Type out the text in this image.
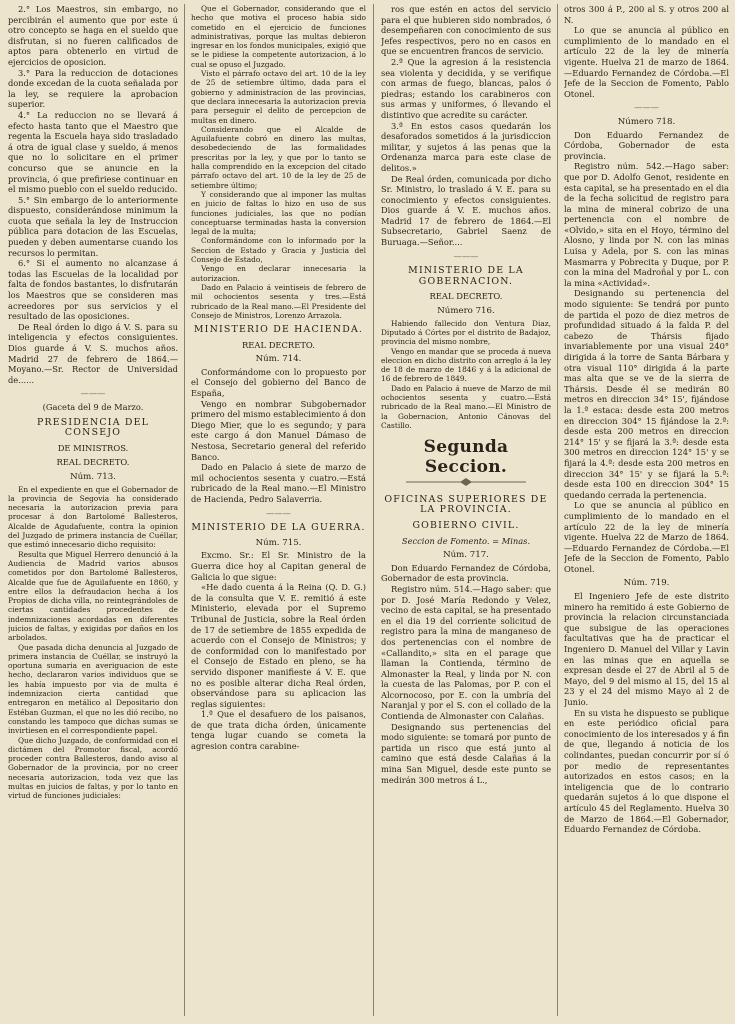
2.° Los Maestros, sin embargo, no percibirán el aumento que por este ú otro concepto se haga en el sueldo que disfrutan, si no fueren calificados de aptos para obtenerlo en virtud de ejercicios de oposicion.

3.° Para la reduccion de dotaciones donde excedan de la cuota señalada por la ley, se requiere la aprobacion superior.

4.° La reduccion no se llevará á efecto hasta tanto que el Maestro que regenta la Escuela haya sido trasladado á otra de igual clase y sueldo, á menos que no lo solicitare en el primer concurso que se anuncie en la provincia, ó que prefiriese continuar en el mismo pueblo con el sueldo reducido.

5.° Sin embargo de lo anteriormente dispuesto, considerándose minimum la cuota que señala la ley de Instruccion pública para dotacion de las Escuelas, pueden y deben aumentarse cuando los recursos lo permitan.

6.° Si el aumento no alcanzase á todas las Escuelas de la localidad por falta de fondos bastantes, lo disfrutarán los Maestros que se consideren mas acreedores por sus servicios y el resultado de las oposiciones.

De Real órden lo digo á V. S. para su inteligencia y efectos consiguientes. Dios guarde á V. S. muchos años. Madrid 27 de febrero de 1864.—Moyano.—Sr. Rector de Universidad de......

———

(Gaceta del 9 de Marzo.

PRESIDENCIA DEL CONSEJO

DE MINISTROS.

REAL DECRETO.

Núm. 713.

En el expediente en que el Gobernador de la provincia de Segovia ha considerado necesaria la autorizacion previa para procesar á don Bartolomé Ballesteros, Alcalde de Agudafuente, contra la opinion del Juzgado de primera instancia de Cuéllar, que estimó innecesario dicho requisito:

Resulta que Miguel Herrero denunció á la Audiencia de Madrid varios abusos cometidos por don Bartolomé Ballesteros, Alcalde que fue de Aguilafuente en 1860, y entre ellos la defraudacion hecha á los Propios de dicha villa, no reintegrándoles de ciertas cantidades procedentes de indemnizaciones acordadas en diferentes juicios de faltas, y exigidas por daños en los arbolados.

Que pasada dicha denuncia al Juzgado de primera instancia de Cuéllar, se instruyó la oportuna sumaria en averiguacion de este hecho, declararon varios individuos que se les había impuesto por via de multa é indemnizacion cierta cantidad que entregaron en metálico al Depositario don Estéban Guzman, el que no les dió recibo, no constando les tampoco que dichas sumas se invirtiesen en el correspondiente papel.

Que dicho Juzgado, de conformidad con el dictámen del Promotor fiscal, acordó proceder contra Ballesteros, dando aviso al Gobernador de la provincia, por no creer necesaria autorizacion, toda vez que las multas en juicios de faltas, y por lo tanto en virtud de funciones judiciales:

Que el Gobernador, considerando que el hecho que motiva el proceso habia sido cometido en el ejercicio de funciones administrativas, porque las multas debieron ingresar en los fondos municipales, exigió que se le pidiese la competente autorizacion, á lo cual se opuso el Juzgado.

Visto el párrafo octavo del art. 10 de la ley de 25 de setiembre último, dada para el gobierno y administracion de las provincias, que declara innecesaria la autorizacion previa para perseguir el delito de percepcion de multas en dinero.

Considerando que el Alcalde de Aguilafuente cobró en dinero las multas, desobedeciendo de las formalidades prescritas por la ley, y que por lo tanto se halla comprendido en la excepcion del citado párrafo octavo del art. 10 de la ley de 25 de setiembre último;

Y considerando que al imponer las multas en juicio de faltas lo hizo en uso de sus funciones judiciales, las que no podían conceptuarse terminadas hasta la conversion legal de la multa;

Conformándome con lo informado por la Seccion de Estado y Gracia y Justicia del Consejo de Estado,

Vengo en declarar innecesaria la autorizacion.

Dado en Palacio á veintiseis de febrero de mil ochocientos sesenta y tres.—Está rubricado de la Real mano.—El Presidente del Consejo de Ministros, Lorenzo Arrazola.

MINISTERIO DE HACIENDA.

REAL DECRETO.

Núm. 714.

Conformándome con lo propuesto por el Consejo del gobierno del Banco de España,

Vengo en nombrar Subgobernador primero del mismo establecimiento á don Diego Mier, que lo es segundo; y para este cargo á don Manuel Dámaso de Nestosa, Secretario general del referido Banco.

Dado en Palacio á siete de marzo de mil ochocientos sesenta y cuatro.—Está rubricado de la Real mano.—El Ministro de Hacienda, Pedro Salaverria.

———

MINISTERIO DE LA GUERRA.

Núm. 715.

Excmo. Sr.: El Sr. Ministro de la Guerra dice hoy al Capitan general de Galicia lo que sigue:

«He dado cuenta á la Reina (Q. D. G.) de la consulta que V. E. remitió á este Ministerio, elevada por el Supremo Tribunal de Justicia, sobre la Real órden de 17 de setiembre de 1855 expedida de acuerdo con el Consejo de Ministros; y de conformidad con lo manifestado por el Consejo de Estado en pleno, se ha servido disponer manifieste á V. E. que no es posible alterar dicha Real órden, observándose para su aplicacion las reglas siguientes:

1.ª Que el desafuero de los paisanos, de que trata dicha órden, únicamente tenga lugar cuando se cometa la agresion contra carabine-

ros que estén en actos del servicio para el que hubieren sido nombrados, ó desempeñaren con conocimiento de sus Jefes respectivos, pero no en casos en que se encuentren francos de servicio.

2.ª Que la agresion á la resistencia sea violenta y decidida, y se verifique con armas de fuego, blancas, palos ó piedras; estando los carabineros con sus armas y uniformes, ó llevando el distintivo que acredite su carácter.

3.ª En estos casos quedarán los desaforados sometidos á la jurisdiccion militar, y sujetos á las penas que la Ordenanza marca para este clase de delitos.»

De Real órden, comunicada por dicho Sr. Ministro, lo traslado á V. E. para su conocimiento y efectos consiguientes. Dios guarde á V. E. muchos años. Madrid 17 de febrero de 1864.—El Subsecretario, Gabriel Saenz de Buruaga.—Señor....

———

MINISTERIO DE LA GOBERNACION.

REAL DECRETO.

Número 716.

Habiendo fallecido don Ventura Diaz, Diputado á Córtes por el distrito de Badajoz, provincia del mismo nombre,

Vengo en mandar que se proceda á nueva eleccion en dicho distrito con arreglo á la ley de 18 de marzo de 1846 y á la adicional de 16 de febrero de 1849.

Dado en Palacio á nueve de Marzo de mil ochocientos sesenta y cuatro.—Está rubricado de la Real mano.—El Ministro de la Gobernacion, Antonio Cánovas del Castillo.

Segunda Seccion.

OFICINAS SUPERIORES DE LA PROVINCIA.

GOBIERNO CIVIL.

Seccion de Fomento. = Minas.

Núm. 717.

Don Eduardo Fernandez de Córdoba, Gobernador de esta provincia.

Registro núm. 514.—Hago saber: que por D. José María Redondo y Velez, vecino de esta capital, se ha presentado en el dia 19 del corriente solicitud de registro para la mina de manganeso de dos pertenencias con el nombre de «Callandito,» sita en el parage que llaman la Contienda, término de Almonaster la Real, y linda por N. con la cuesta de las Palomas, por P. con el Alcornocoso, por E. con la umbría del Naranjal y por el S. con el collado de la Contienda de Almonaster con Calañas.

Designando sus pertenencias del modo siguiente: se tomará por punto de partida un risco que está junto al camino que está desde Calañas á la mina San Miguel, desde este punto se medirán 300 metros á L.,

otros 300 á P., 200 al S. y otros 200 al N.

Lo que se anuncia al público en cumplimiento de lo mandado en el artículo 22 de la ley de minería vigente. Huelva 21 de marzo de 1864.—Eduardo Fernandez de Córdoba.—El Jefe de la Seccion de Fomento, Pablo Otonel.

———

Número 718.

Don Eduardo Fernandez de Córdoba, Gobernador de esta provincia.

Registro núm. 542.—Hago saber: que por D. Adolfo Genot, residente en esta capital, se ha presentado en el dia de la fecha solicitud de registro para la mina de mineral cobrizo de una pertenencia con el nombre de «Olvido,» sita en el Hoyo, término del Alosno, y linda por N. con las minas Luisa y Adela, por S. con las minas Masmarra y Pobrecita y Duque, por P. con la mina del Madroñal y por L. con la mina «Actividad».

Designando su pertenencia del modo siguiente: Se tendrá por punto de partida el pozo de diez metros de profundidad situado á la falda P. del cabezo de Thársis fijado invariablemente por una visual 240° dirigida á la torre de Santa Bárbara y otra visual 110° dirigida á la parte mas alta que se ve de la sierra de Thársis. Desde él se medirán 80 metros en direccion 34° 15', fijándose la 1.ª estaca: desde esta 200 metros en direccion 304° 15 fijándose la 2.ª: desde esta 200 metros en direccion 214° 15' y se fijará la 3.ª: desde esta 300 metros en direccion 124° 15' y se fijará la 4.ª: desde esta 200 metros en direccion 34° 15' y se fijará la 5.ª: desde esta 100 en direccion 304° 15 quedando cerrada la pertenencia.

Lo que se anuncia al público en cumplimiento de lo mandado en el artículo 22 de la ley de minería vigente. Huelva 22 de Marzo de 1864.—Eduardo Fernandez de Córdoba.—El Jefe de la Seccion de Fomento, Pablo Otonel.

Núm. 719.

El Ingeniero Jefe de este distrito minero ha remitido á este Gobierno de provincia la relacion circunstanciada que subsigue de las operaciones facultativas que ha de practicar el Ingeniero D. Manuel del Villar y Lavin en las minas que en aquella se expresan desde el 27 de Abril al 5 de Mayo, del 9 del mismo al 15, del 15 al 23 y el 24 del mismo Mayo al 2 de Junio.

En su vista he dispuesto se publique en este periódico oficial para conocimiento de los interesados y á fin de que, llegando á noticia de los colindantes, puedan concurrir por sí ó por medio de representantes autorizados en estos casos; en la inteligencia que de lo contrario quedarán sujetos á lo que dispone el artículo 45 del Reglamento. Huelva 30 de Marzo de 1864.—El Gobernador, Eduardo Fernandez de Córdoba.
